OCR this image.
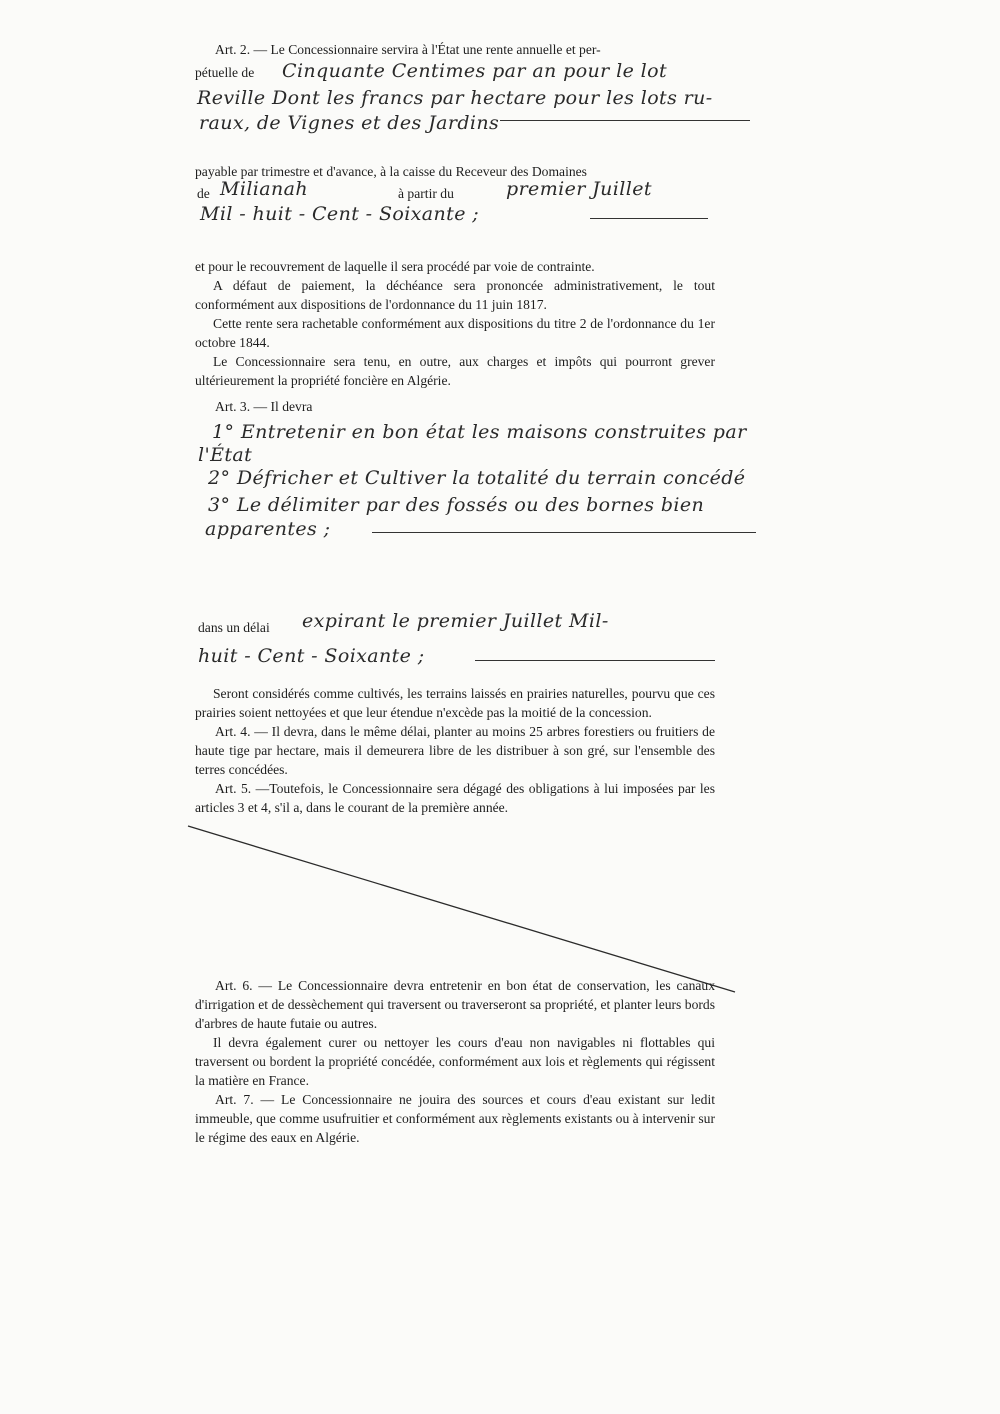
Art. 2. — Le Concessionnaire servira à l'État une rente annuelle et per-

pétuelle de	Cinquante Centimes par an pour le lot
Reville Dont les francs par hectare pour les lots ru-
raux, de Vignes et des Jardins

payable par trimestre et d'avance, à la caisse du Receveur des Domaines

de Milianah	à partir du	premier Juillet
Mil - huit - Cent - Soixante ;

et pour le recouvrement de laquelle il sera procédé par voie de contrainte.

A défaut de paiement, la déchéance sera prononcée administrativement, le tout conformément aux dispositions de l'ordonnance du 11 juin 1817.

Cette rente sera rachetable conformément aux dispositions du titre 2 de l'ordonnance du 1er octobre 1844.

Le Concessionnaire sera tenu, en outre, aux charges et impôts qui pourront grever ultérieurement la propriété foncière en Algérie.

Art. 3. — Il devra

1° Entretenir en bon état les maisons construites par
l'État
2° Défricher et Cultiver la totalité du terrain concédé
3° Le délimiter par des fossés ou des bornes bien
apparentes ;
dans un délai expirant le premier Juillet Mil-
huit - Cent - Soixante ;

Seront considérés comme cultivés, les terrains laissés en prairies naturelles, pourvu que ces prairies soient nettoyées et que leur étendue n'excède pas la moitié de la concession.

Art. 4. — Il devra, dans le même délai, planter au moins 25 arbres forestiers ou fruitiers de haute tige par hectare, mais il demeurera libre de les distribuer à son gré, sur l'ensemble des terres concédées.

Art. 5. —Toutefois, le Concessionnaire sera dégagé des obligations à lui imposées par les articles 3 et 4, s'il a, dans le courant de la première année.

Art. 6. — Le Concessionnaire devra entretenir en bon état de conservation, les canaux d'irrigation et de dessèchement qui traversent ou traverseront sa propriété, et planter leurs bords d'arbres de haute futaie ou autres.

Il devra également curer ou nettoyer les cours d'eau non navigables ni flottables qui traversent ou bordent la propriété concédée, conformément aux lois et règlements qui régissent la matière en France.

Art. 7. — Le Concessionnaire ne jouira des sources et cours d'eau existant sur ledit immeuble, que comme usufruitier et conformément aux règlements existants ou à intervenir sur le régime des eaux en Algérie.
